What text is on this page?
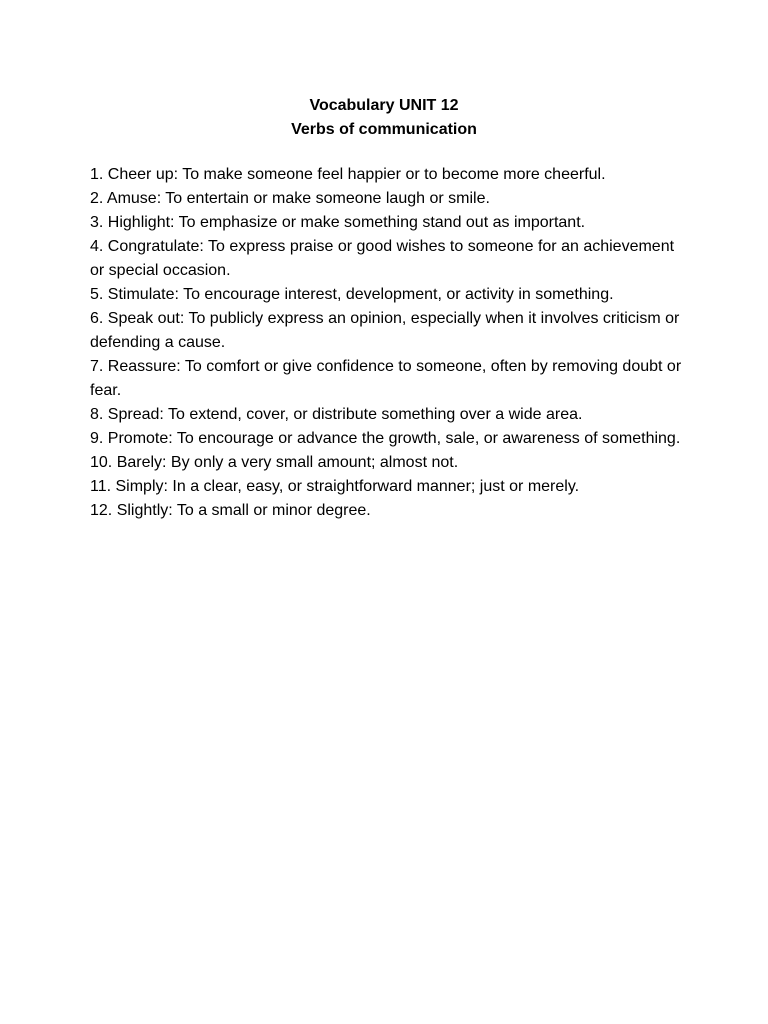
Vocabulary UNIT 12
Verbs of communication
1. Cheer up: To make someone feel happier or to become more cheerful.
2. Amuse: To entertain or make someone laugh or smile.
3. Highlight: To emphasize or make something stand out as important.
4. Congratulate: To express praise or good wishes to someone for an achievement or special occasion.
5. Stimulate: To encourage interest, development, or activity in something.
6. Speak out: To publicly express an opinion, especially when it involves criticism or defending a cause.
7. Reassure: To comfort or give confidence to someone, often by removing doubt or fear.
8. Spread: To extend, cover, or distribute something over a wide area.
9. Promote: To encourage or advance the growth, sale, or awareness of something.
10. Barely: By only a very small amount; almost not.
11. Simply: In a clear, easy, or straightforward manner; just or merely.
12. Slightly: To a small or minor degree.
